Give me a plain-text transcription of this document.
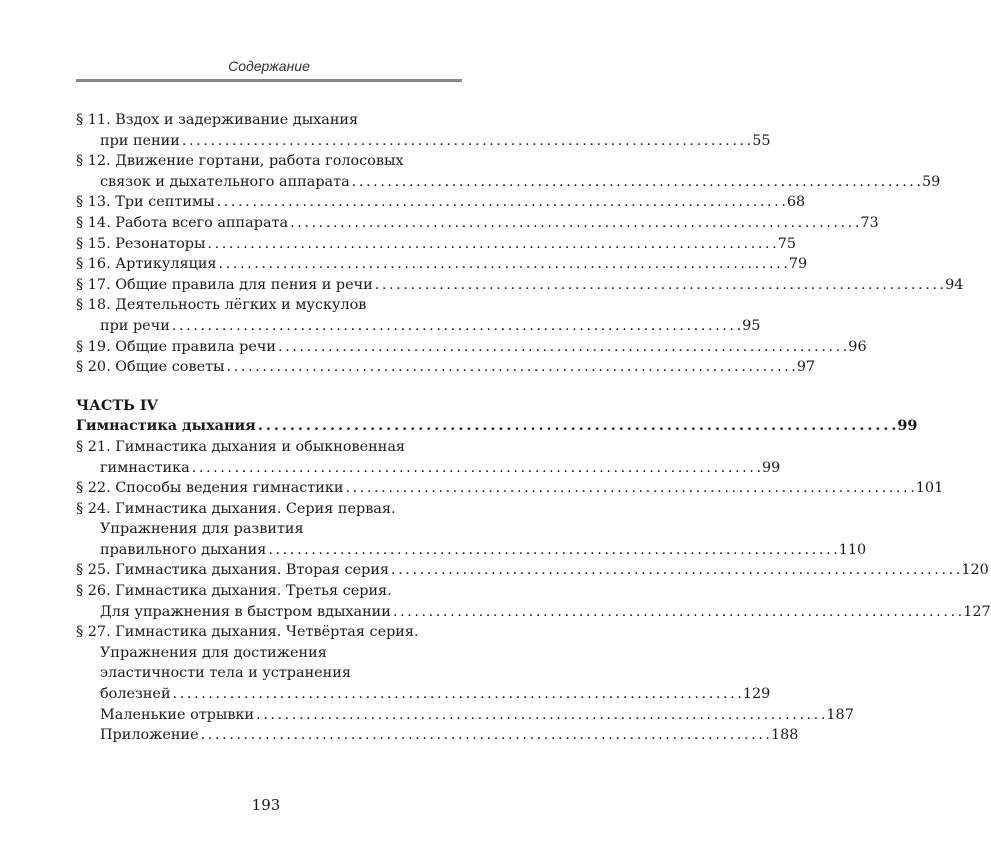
Содержание
§ 11. Вздох и задерживание дыхания
при пении . . .	55
§ 12. Движение гортани, работа голосовых
связок и дыхательного аппарата . . .	59
§ 13. Три септимы . . .	68
§ 14. Работа всего аппарата . . .	73
§ 15. Резонаторы . . .	75
§ 16. Артикуляция . . .	79
§ 17. Общие правила для пения и речи . . .	94
§ 18. Деятельность лёгких и мускулов
при речи . . .	95
§ 19. Общие правила речи . . .	96
§ 20. Общие советы . . .	97
ЧАСТЬ IV
Гимнастика дыхания . . .	99
§ 21. Гимнастика дыхания и обыкновенная
гимнастика . . .	99
§ 22. Способы ведения гимнастики . . .	101
§ 24. Гимнастика дыхания. Серия первая.
Упражнения для развития
правильного дыхания . . .	110
§ 25. Гимнастика дыхания. Вторая серия . . .	120
§ 26. Гимнастика дыхания. Третья серия.
Для упражнения в быстром вдыхании . . .	127
§ 27. Гимнастика дыхания. Четвёртая серия.
Упражнения для достижения
эластичности тела и устранения
болезней . . .	129
Маленькие отрывки . . .	187
Приложение . . .	188
193
